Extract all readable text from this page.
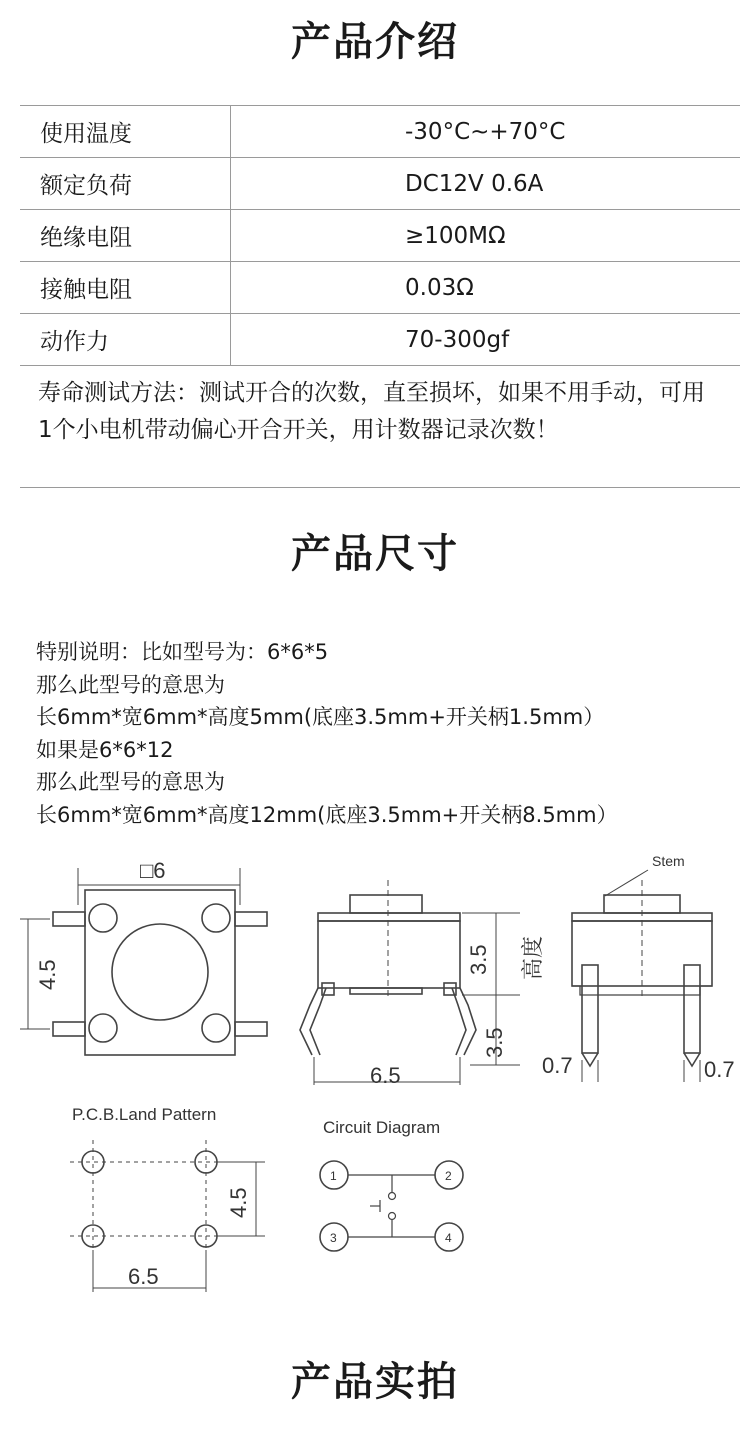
产品介绍
使用温度	-30°C~+70°C
额定负荷	DC12V 0.6A
绝缘电阻	≥100MΩ
接触电阻	0.03Ω
动作力	70-300gf
寿命测试方法：测试开合的次数，直至损坏，如果不用手动，可用1个小电机带动偏心开合开关，用计数器记录次数！
产品尺寸
特别说明：比如型号为：6*6*5
那么此型号的意思为
长6mm*宽6mm*高度5mm(底座3.5mm+开关柄1.5mm）
如果是6*6*12
那么此型号的意思为
长6mm*宽6mm*高度12mm(底座3.5mm+开关柄8.5mm）
□6
4.5	3.5 高度
3.5
6.5
Stem
0.7	0.7
P.C.B.Land Pattern
4.5
6.5
Circuit Diagram
1	2
3	4
产品实拍
